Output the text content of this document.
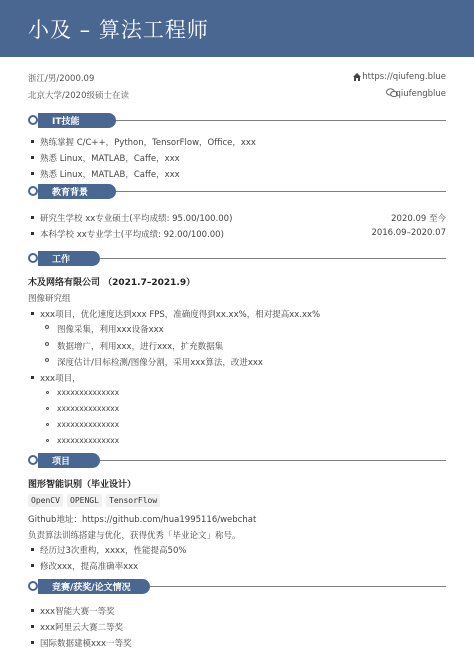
小及 – 算法工程师
浙江/男/2000.09
北京大学/2020级硕士在读
https://qiufeng.blue
qiufengblue
IT技能
熟练掌握 C/C++，Python，TensorFlow，Office，xxx
熟悉 Linux，MATLAB，Caffe，xxx
熟悉 Linux，MATLAB，Caffe，xxx
教育背景
研究生学校 xx专业硕士(平均成绩: 95.00/100.00)	2020.09 至今
本科学校 xx专业学士(平均成绩: 92.00/100.00)	2016.09–2020.07
工作
木及网络有限公司 （2021.7–2021.9）
图像研究组
xxx项目，优化速度达到xxx FPS，准确度得到xx.xx%，相对提高xx.xx%
图像采集，利用xxx设备xxx
数据增广，利用xxx，进行xxx，扩充数据集
深度估计/目标检测/图像分割，采用xxx算法，改进xxx
xxx项目，
xxxxxxxxxxxxxx
xxxxxxxxxxxxxx
xxxxxxxxxxxxxx
xxxxxxxxxxxxxx
项目
图形智能识别（毕业设计）
OpenCV	OPENGL	TensorFlow
Github地址：https://github.com/hua1995116/webchat
负责算法训练搭建与优化，获得优秀「毕业论文」称号。
经历过3次重构，xxxx，性能提高50%
修改xxx，提高准确率xxx
竞赛/获奖/论文情况
xxx智能大赛一等奖
xxx阿里云大赛二等奖
国际数据建模xxx一等奖
